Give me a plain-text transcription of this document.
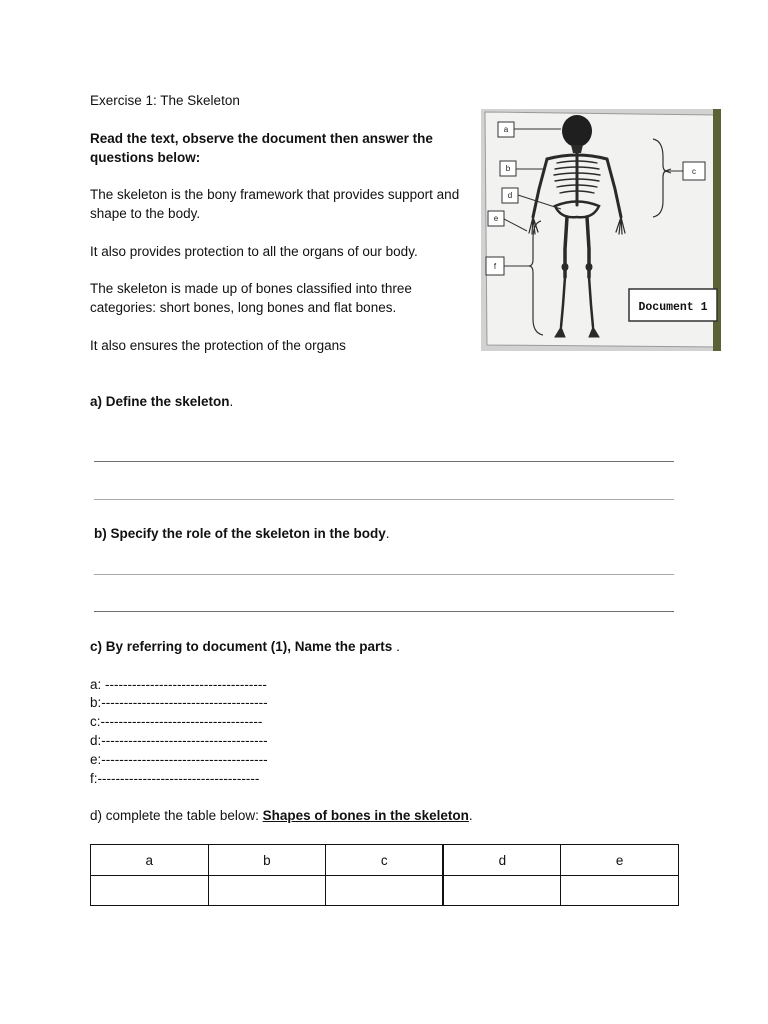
Exercise 1: The Skeleton
Read the text, observe the document then answer the
questions below:
The skeleton is the bony framework that provides support and
shape to the body.
It also provides protection to all the organs of our body.
The skeleton is made up of bones classified into three
categories: short bones, long bones and flat bones.
It also ensures the protection of the organs
a
b
d
e
f
c
Document 1
a) Define the skeleton.
b) Specify the role of the skeleton in the body.
c) By referring to document (1), Name the parts .
a: ------------------------------------
b:-------------------------------------
c:------------------------------------
d:-------------------------------------
e:-------------------------------------
f:------------------------------------
d) complete the table below: Shapes of bones in the skeleton.
a	b	c	d	e
